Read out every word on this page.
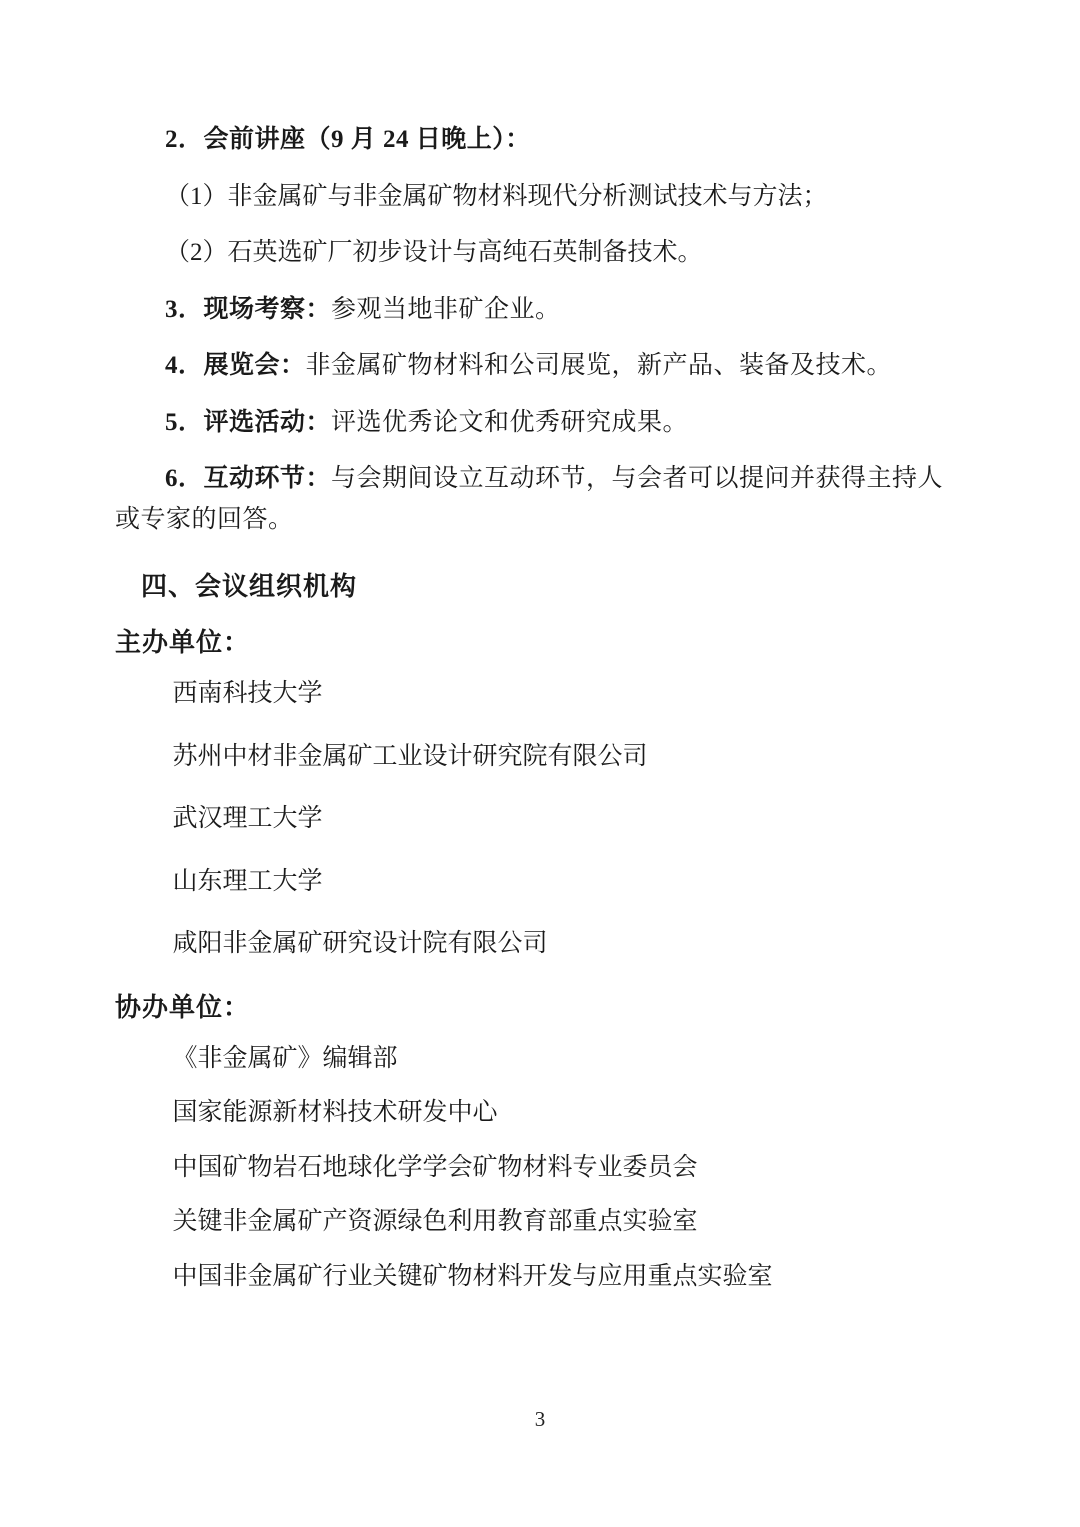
2．会前讲座（9 月 24 日晚上）：

（1）非金属矿与非金属矿物材料现代分析测试技术与方法；

（2）石英选矿厂初步设计与高纯石英制备技术。

3．现场考察：参观当地非矿企业。

4．展览会：非金属矿物材料和公司展览，新产品、装备及技术。

5．评选活动：评选优秀论文和优秀研究成果。

6．互动环节：与会期间设立互动环节，与会者可以提问并获得主持人或专家的回答。

四、会议组织机构

主办单位：

西南科技大学
苏州中材非金属矿工业设计研究院有限公司
武汉理工大学
山东理工大学
咸阳非金属矿研究设计院有限公司

协办单位：

《非金属矿》编辑部
国家能源新材料技术研发中心
中国矿物岩石地球化学学会矿物材料专业委员会
关键非金属矿产资源绿色利用教育部重点实验室
中国非金属矿行业关键矿物材料开发与应用重点实验室
3
